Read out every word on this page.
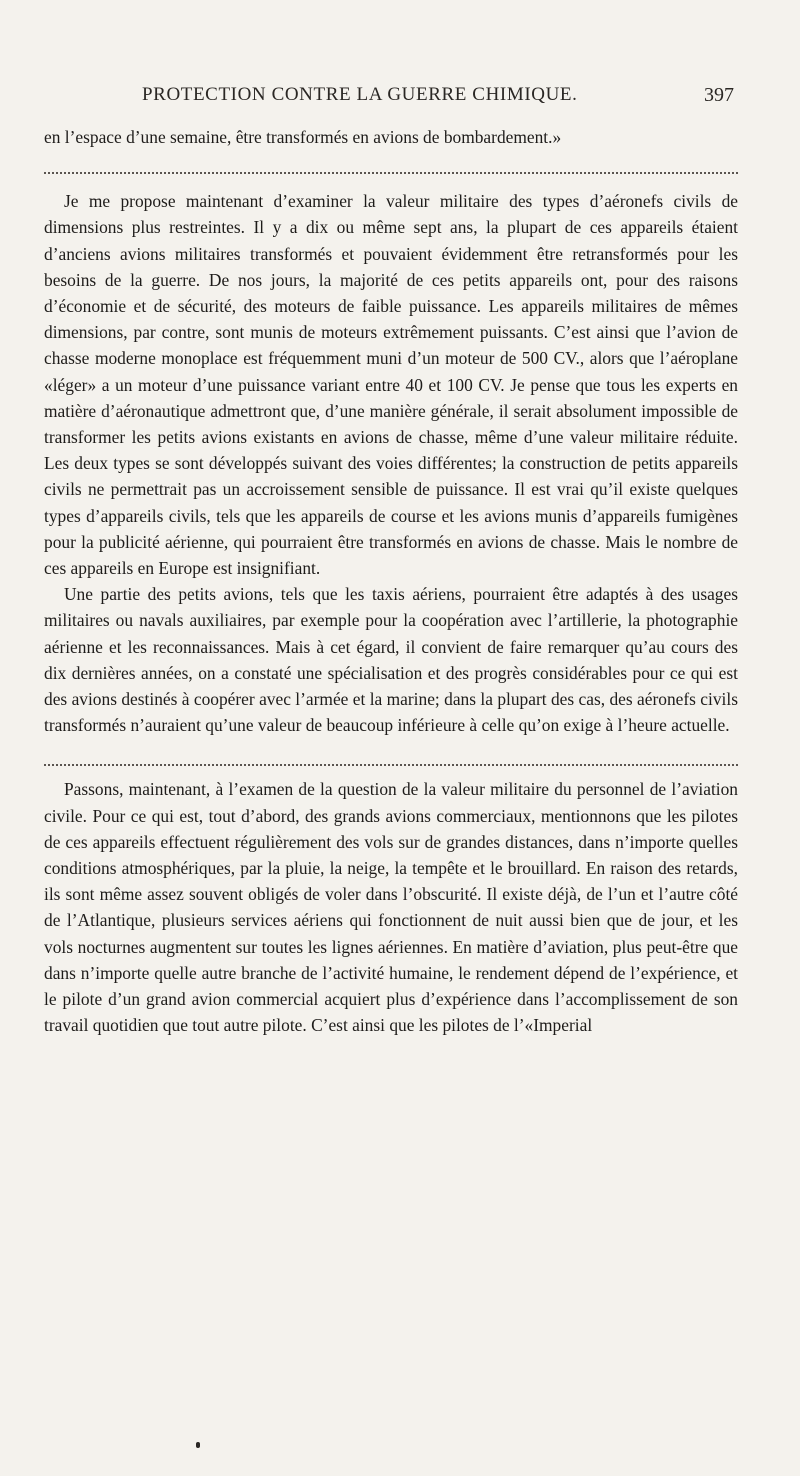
PROTECTION CONTRE LA GUERRE CHIMIQUE.	397

en l’espace d’une semaine, être transformés en avions de bombardement.»

Je me propose maintenant d’examiner la valeur militaire des types d’aéronefs civils de dimensions plus restreintes. Il y a dix ou même sept ans, la plupart de ces appareils étaient d’anciens avions militaires transformés et pouvaient évidemment être retransformés pour les besoins de la guerre. De nos jours, la majorité de ces petits appareils ont, pour des raisons d’économie et de sécurité, des moteurs de faible puissance. Les appareils militaires de mêmes dimensions, par contre, sont munis de moteurs extrêmement puissants. C’est ainsi que l’avion de chasse moderne monoplace est fréquemment muni d’un moteur de 500 CV., alors que l’aéroplane «léger» a un moteur d’une puissance variant entre 40 et 100 CV. Je pense que tous les experts en matière d’aéronautique admettront que, d’une manière générale, il serait absolument impossible de transformer les petits avions existants en avions de chasse, même d’une valeur militaire réduite. Les deux types se sont développés suivant des voies différentes; la construction de petits appareils civils ne permettrait pas un accroissement sensible de puissance. Il est vrai qu’il existe quelques types d’appareils civils, tels que les appareils de course et les avions munis d’appareils fumigènes pour la publicité aérienne, qui pourraient être transformés en avions de chasse. Mais le nombre de ces appareils en Europe est insignifiant.

Une partie des petits avions, tels que les taxis aériens, pourraient être adaptés à des usages militaires ou navals auxiliaires, par exemple pour la coopération avec l’artillerie, la photographie aérienne et les reconnaissances. Mais à cet égard, il convient de faire remarquer qu’au cours des dix dernières années, on a constaté une spécialisation et des progrès considérables pour ce qui est des avions destinés à coopérer avec l’armée et la marine; dans la plupart des cas, des aéronefs civils transformés n’auraient qu’une valeur de beaucoup inférieure à celle qu’on exige à l’heure actuelle.

Passons, maintenant, à l’examen de la question de la valeur militaire du personnel de l’aviation civile. Pour ce qui est, tout d’abord, des grands avions commerciaux, mentionnons que les pilotes de ces appareils effectuent régulièrement des vols sur de grandes distances, dans n’importe quelles conditions atmosphériques, par la pluie, la neige, la tempête et le brouillard. En raison des retards, ils sont même assez souvent obligés de voler dans l’obscurité. Il existe déjà, de l’un et l’autre côté de l’Atlantique, plusieurs services aériens qui fonctionnent de nuit aussi bien que de jour, et les vols nocturnes augmentent sur toutes les lignes aériennes. En matière d’aviation, plus peut-être que dans n’importe quelle autre branche de l’activité humaine, le rendement dépend de l’expérience, et le pilote d’un grand avion commercial acquiert plus d’expérience dans l’accomplissement de son travail quotidien que tout autre pilote. C’est ainsi que les pilotes de l’«Imperial
